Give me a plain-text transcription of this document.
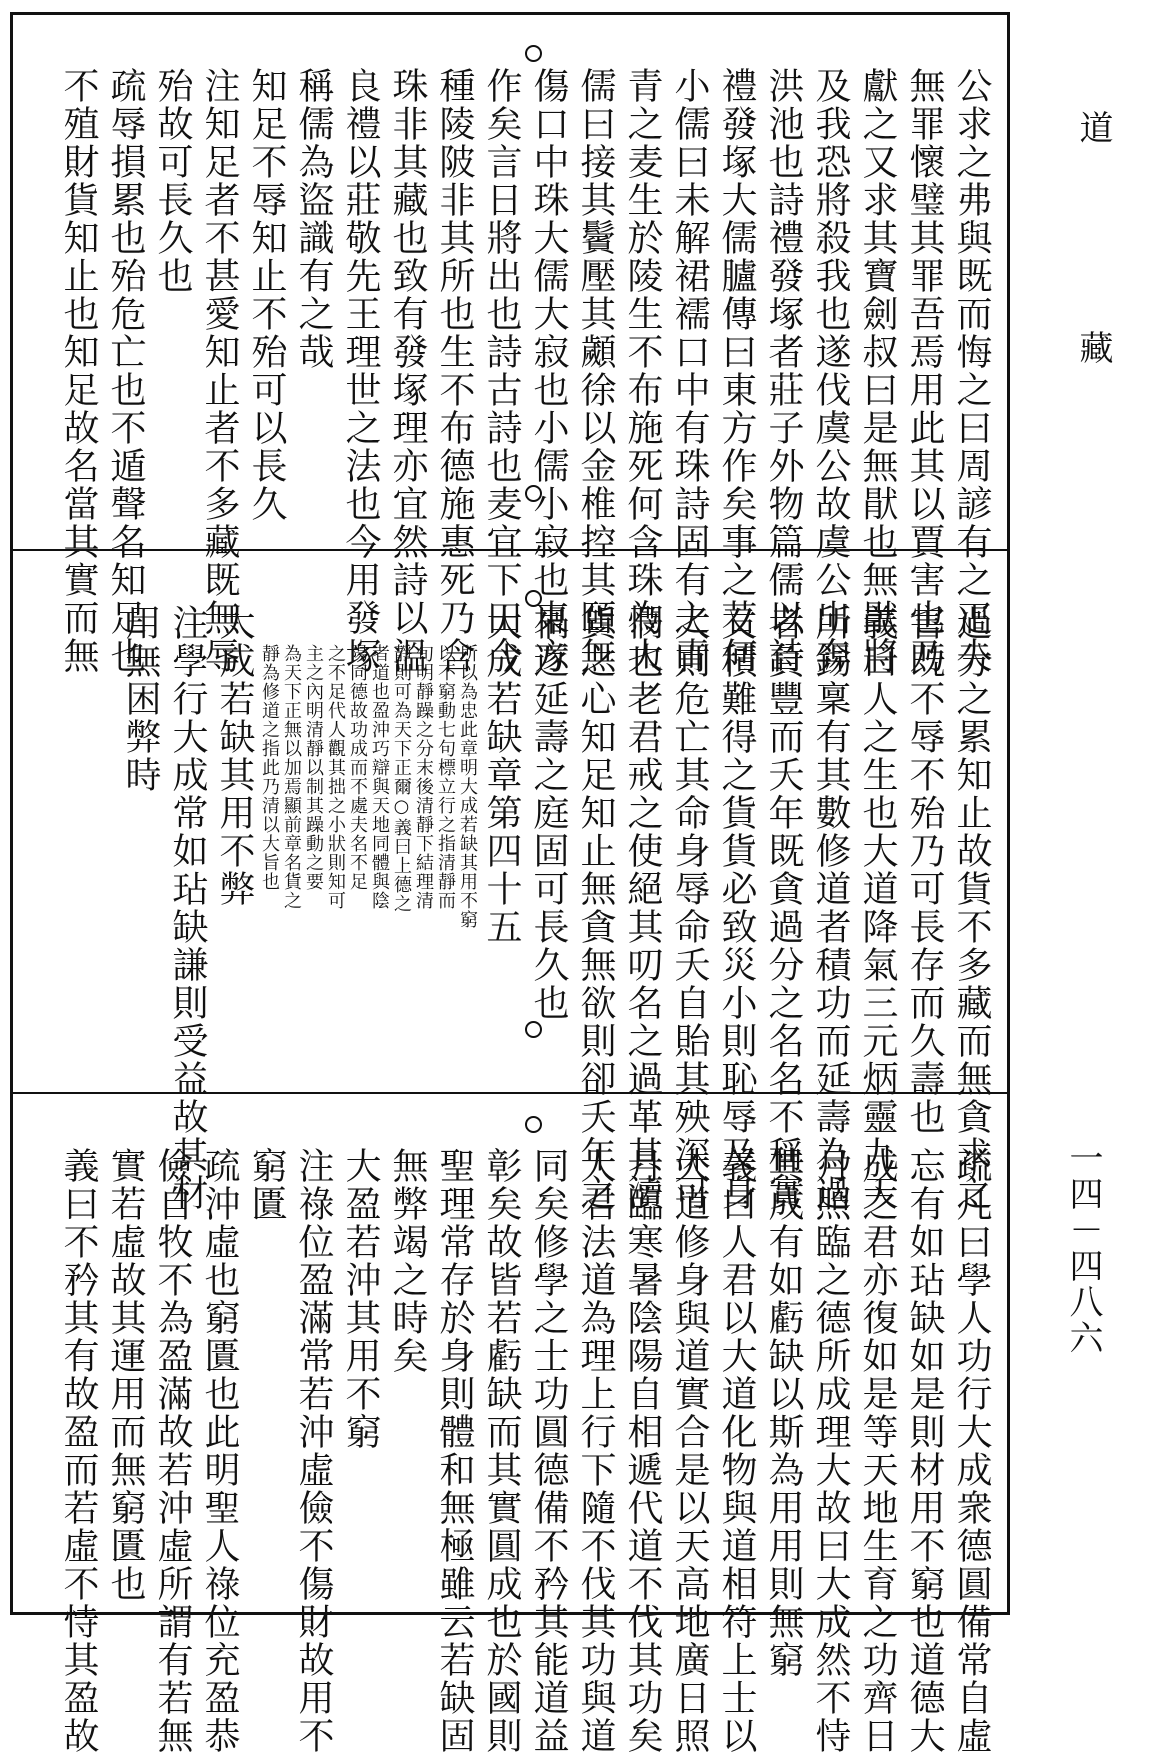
公求之弗與既而悔之曰周諺有之疋夫
無罪懷璧其罪吾焉用此其以賈害也乃
獻之又求其寶劍叔曰是無猒也無猒將
及我恐將殺我也遂伐虞公故虞公出奔
洪池也詩禮發塚者莊子外物篇儒以詩
禮發塚大儒臚傳曰東方作矣事之若何
小儒曰未解裙襦口中有珠詩固有之青
青之麦生於陵生不布施死何含珠為大
儒曰接其鬢壓其顪徐以金椎控其頤無
傷口中珠大儒大寂也小儒小寂也東方
作矣言日將出也詩古詩也麦宜下田今
種陵陂非其所也生不布德施惠死乃含
珠非其藏也致有發塚理亦宜然詩以溫
良禮以莊敬先王理世之法也今用發塚
稱儒為盜識有之哉
知足不辱知止不殆可以長久
注知足者不甚愛知止者不多藏既無辱
殆故可長久也
疏辱損累也殆危亡也不遁聲名知足也
不殖財貨知止也知足故名當其實而無
過分之累知止故貨不多藏而無貪求之
害既不辱不殆乃可長存而久壽也
義曰人之生也大道降氣三元炳靈九天
所錫稟有其數修道者積功而延壽為過
者負豐而夭年既貪過分之名名不稱實
又積難得之貨貨必致災小則恥辱及身
大則危亡其命身辱命夭自貽其殃深可
憫也老君戒之使絕其叨名之過革其瀆
貨之心知足知止無貪無欲則卻夭年之
禍遂延壽之庭固可長久也
大成若缺章第四十五
所以為忠此章明大成若缺其用不窮
以不窮動七句標立行之指清靜而
旬明靜躁之分末後清靜下結理清
靜則可為天下正爾○義曰上德之
者道也盈沖巧辯與天地同體與陰
陽同德故功成而不處夫名不足
之不足代人觀其拙之小狀則知可
主之內明清靜以制其躁動之要
為天下正無以加焉顯前章名貨之
靜為修道之指此乃清以大旨也
大成若缺其用不弊
注學行大成常如玷缺謙則受益故其材
用無困弊時
疏凡曰學人功行大成衆德圓備常自虛
忘有如玷缺如是則材用不窮也道德大
成之君亦復如是等天地生育之功齊日
月照臨之德所成理大故曰大成然不恃
其成有如虧缺以斯為用用則無窮
義曰人君以大道化物與道相符上士以
大道修身與道實合是以天高地廣日照
月臨寒暑陰陽自相遞代道不伐其功矣
人君法道為理上行下隨不伐其功與道
同矣修學之士功圓德備不矜其能道益
彰矣故皆若虧缺而其實圓成也於國則
聖理常存於身則體和無極雖云若缺固
無弊竭之時矣
大盈若沖其用不窮
注祿位盈滿常若沖虛儉不傷財故用不
窮匱
疏沖虛也窮匱也此明聖人祿位充盈恭
儉自牧不為盈滿故若沖虛所謂有若無
實若虛故其運用而無窮匱也
義曰不矜其有故盈而若虛不恃其盈故
道
藏
一四－四八六
